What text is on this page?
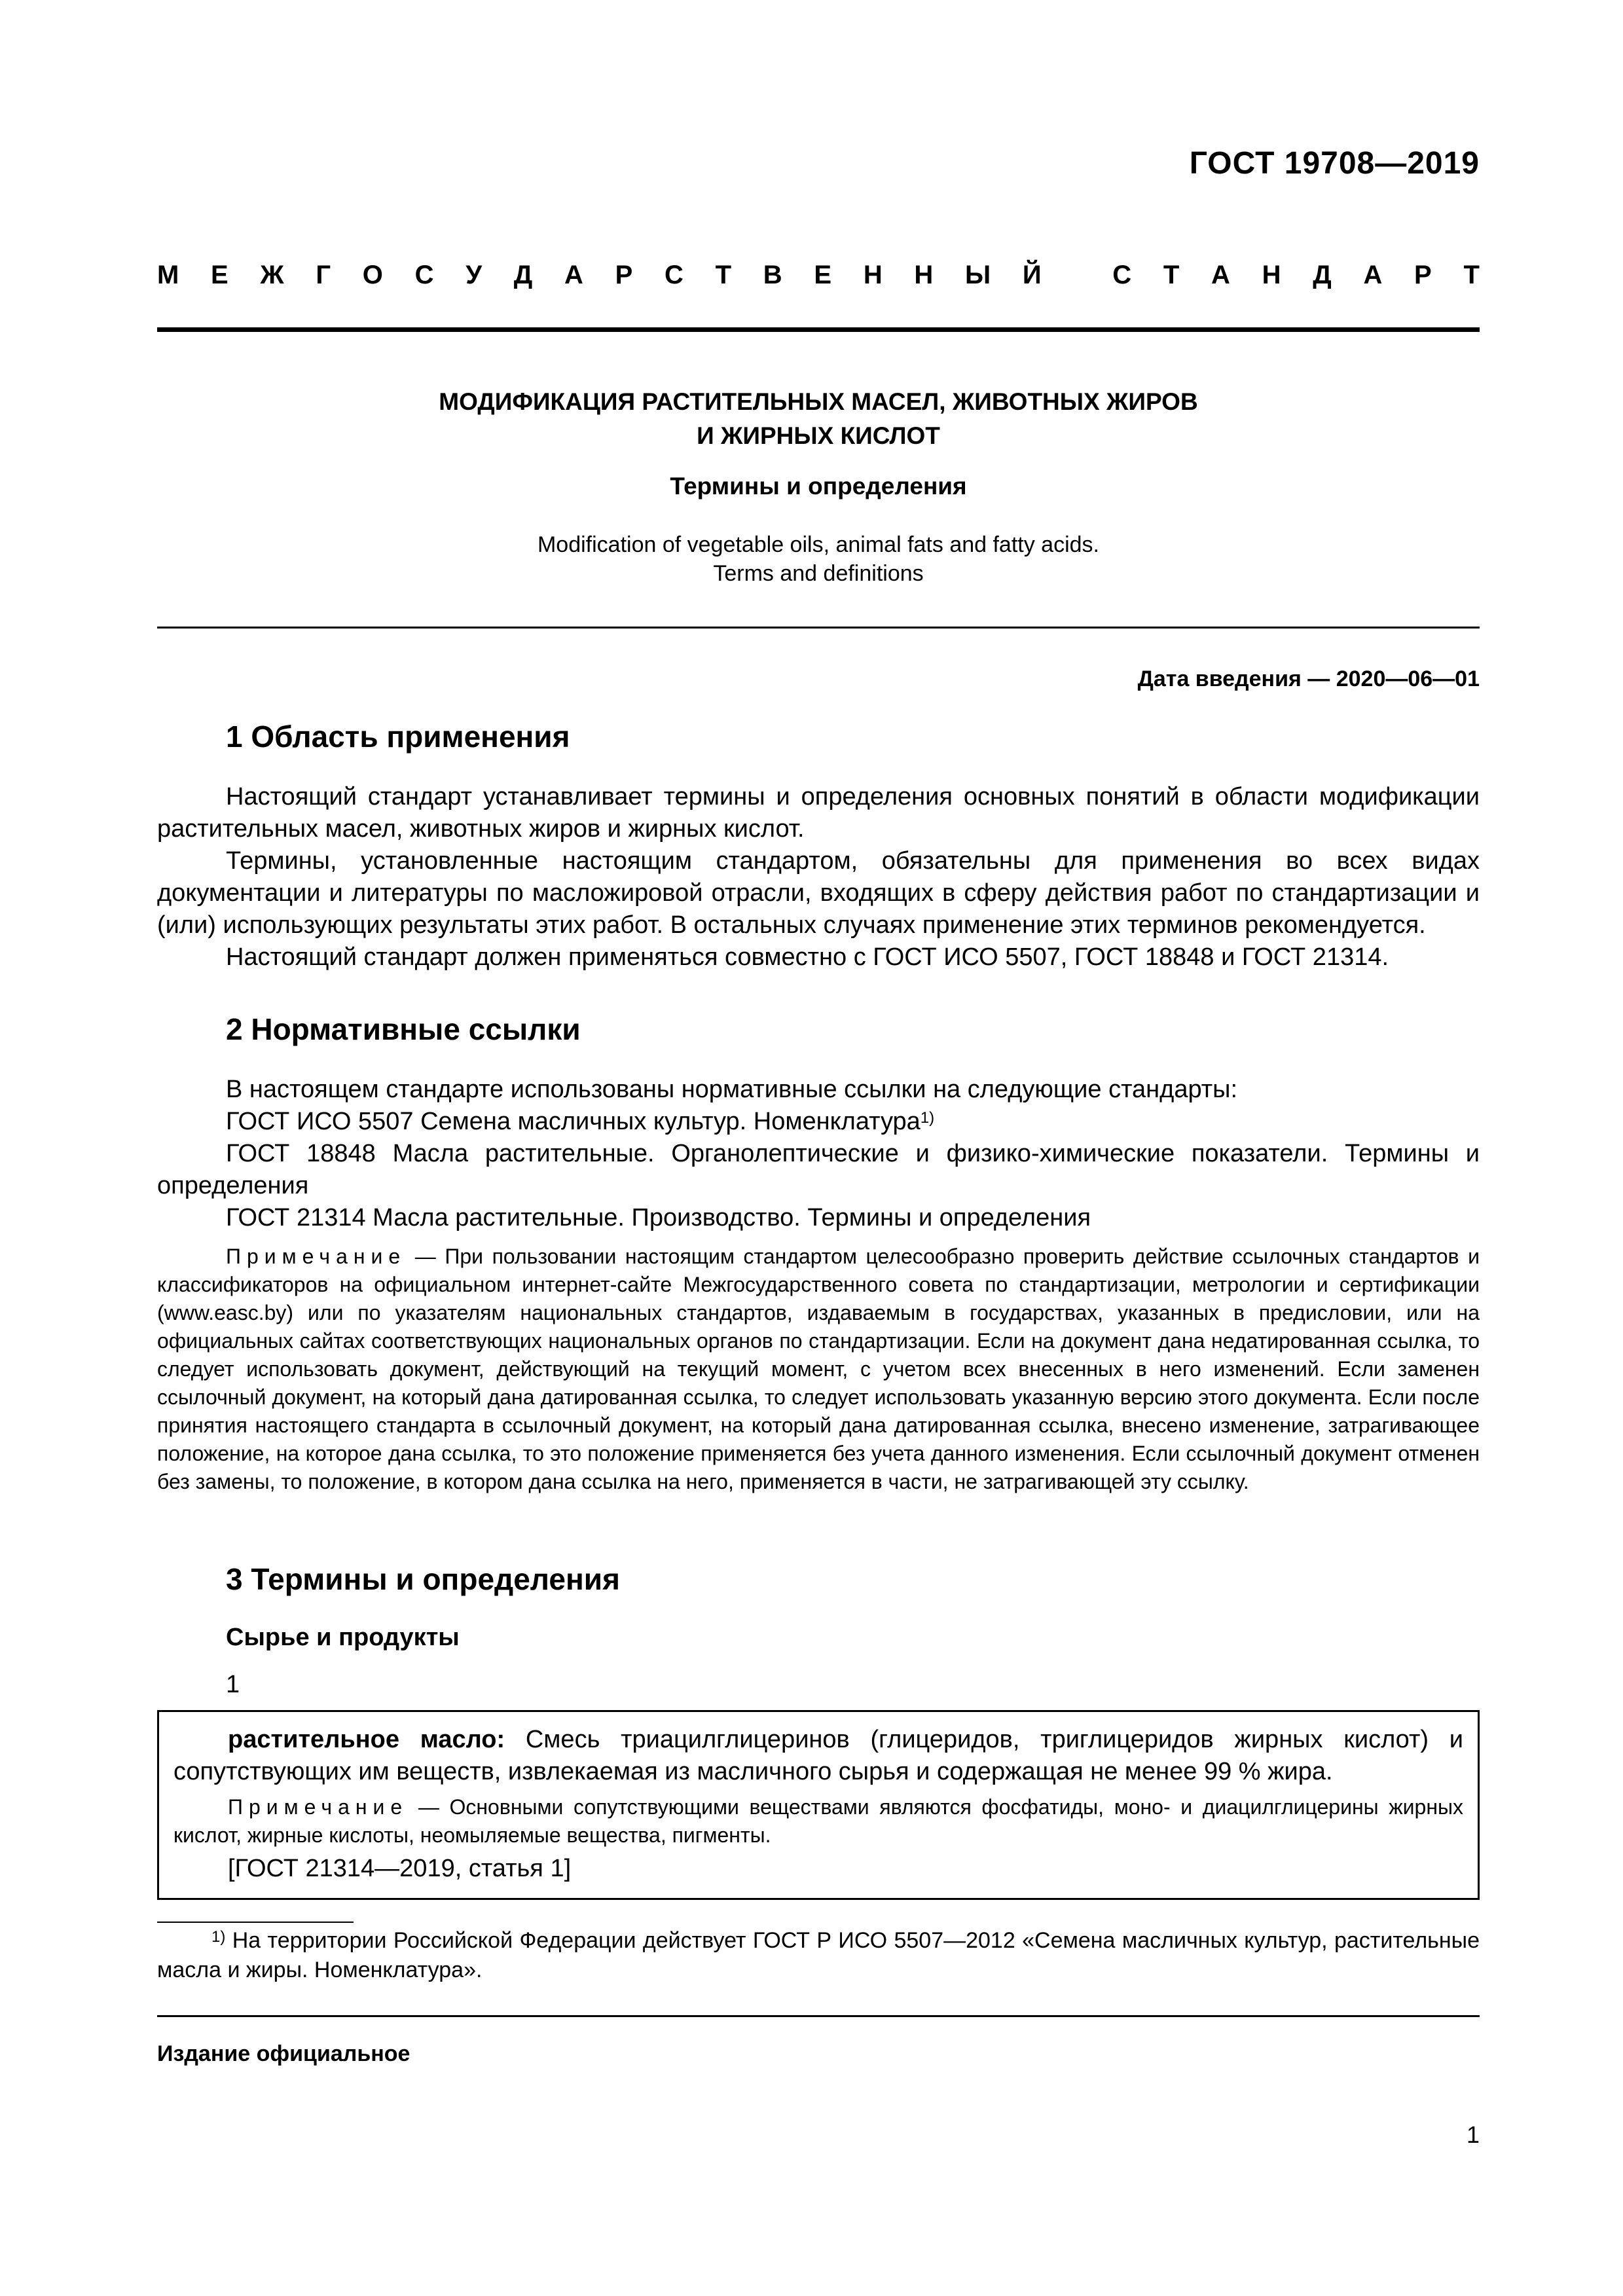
ГОСТ 19708—2019
М Е Ж Г О С У Д А Р С Т В Е Н Н Ы Й
	С Т А Н Д А Р Т
МОДИФИКАЦИЯ РАСТИТЕЛЬНЫХ МАСЕЛ, ЖИВОТНЫХ ЖИРОВ
И ЖИРНЫХ КИСЛОТ
Термины и определения
Modification of vegetable oils, animal fats and fatty acids.
Terms and definitions
Дата введения — 2020—06—01
1 Область применения

Настоящий стандарт устанавливает термины и определения основных понятий в области модификации растительных масел, животных жиров и жирных кислот.

Термины, установленные настоящим стандартом, обязательны для применения во всех видах документации и литературы по масложировой отрасли, входящих в сферу действия работ по стандартизации и (или) использующих результаты этих работ. В остальных случаях применение этих терминов рекомендуется.

Настоящий стандарт должен применяться совместно с ГОСТ ИСО 5507, ГОСТ 18848 и ГОСТ 21314.

2 Нормативные ссылки

В настоящем стандарте использованы нормативные ссылки на следующие стандарты:

ГОСТ ИСО 5507 Семена масличных культур. Номенклатура$^{1)}$

ГОСТ 18848 Масла растительные. Органолептические и физико-химические показатели. Термины и определения

ГОСТ 21314 Масла растительные. Производство. Термины и определения

Примечание — При пользовании настоящим стандартом целесообразно проверить действие ссылочных стандартов и классификаторов на официальном интернет-сайте Межгосударственного совета по стандартизации, метрологии и сертификации (www.easc.by) или по указателям национальных стандартов, издаваемым в государствах, указанных в предисловии, или на официальных сайтах соответствующих национальных органов по стандартизации. Если на документ дана недатированная ссылка, то следует использовать документ, действующий на текущий момент, с учетом всех внесенных в него изменений. Если заменен ссылочный документ, на который дана датированная ссылка, то следует использовать указанную версию этого документа. Если после принятия настоящего стандарта в ссылочный документ, на который дана датированная ссылка, внесено изменение, затрагивающее положение, на которое дана ссылка, то это положение применяется без учета данного изменения. Если ссылочный документ отменен без замены, то положение, в котором дана ссылка на него, применяется в части, не затрагивающей эту ссылку.

3 Термины и определения
Сырье и продукты
1

растительное масло: Смесь триацилглицеринов (глицеридов, триглицеридов жирных кислот) и сопутствующих им веществ, извлекаемая из масличного сырья и содержащая не менее 99 % жира.

Примечание — Основными сопутствующими веществами являются фосфатиды, моно- и диацилглицерины жирных кислот, жирные кислоты, неомыляемые вещества, пигменты.

[ГОСТ 21314—2019, статья 1]

$^{1)}$ На территории Российской Федерации действует ГОСТ Р ИСО 5507—2012 «Семена масличных культур, растительные масла и жиры. Номенклатура».

Издание официальное
1
